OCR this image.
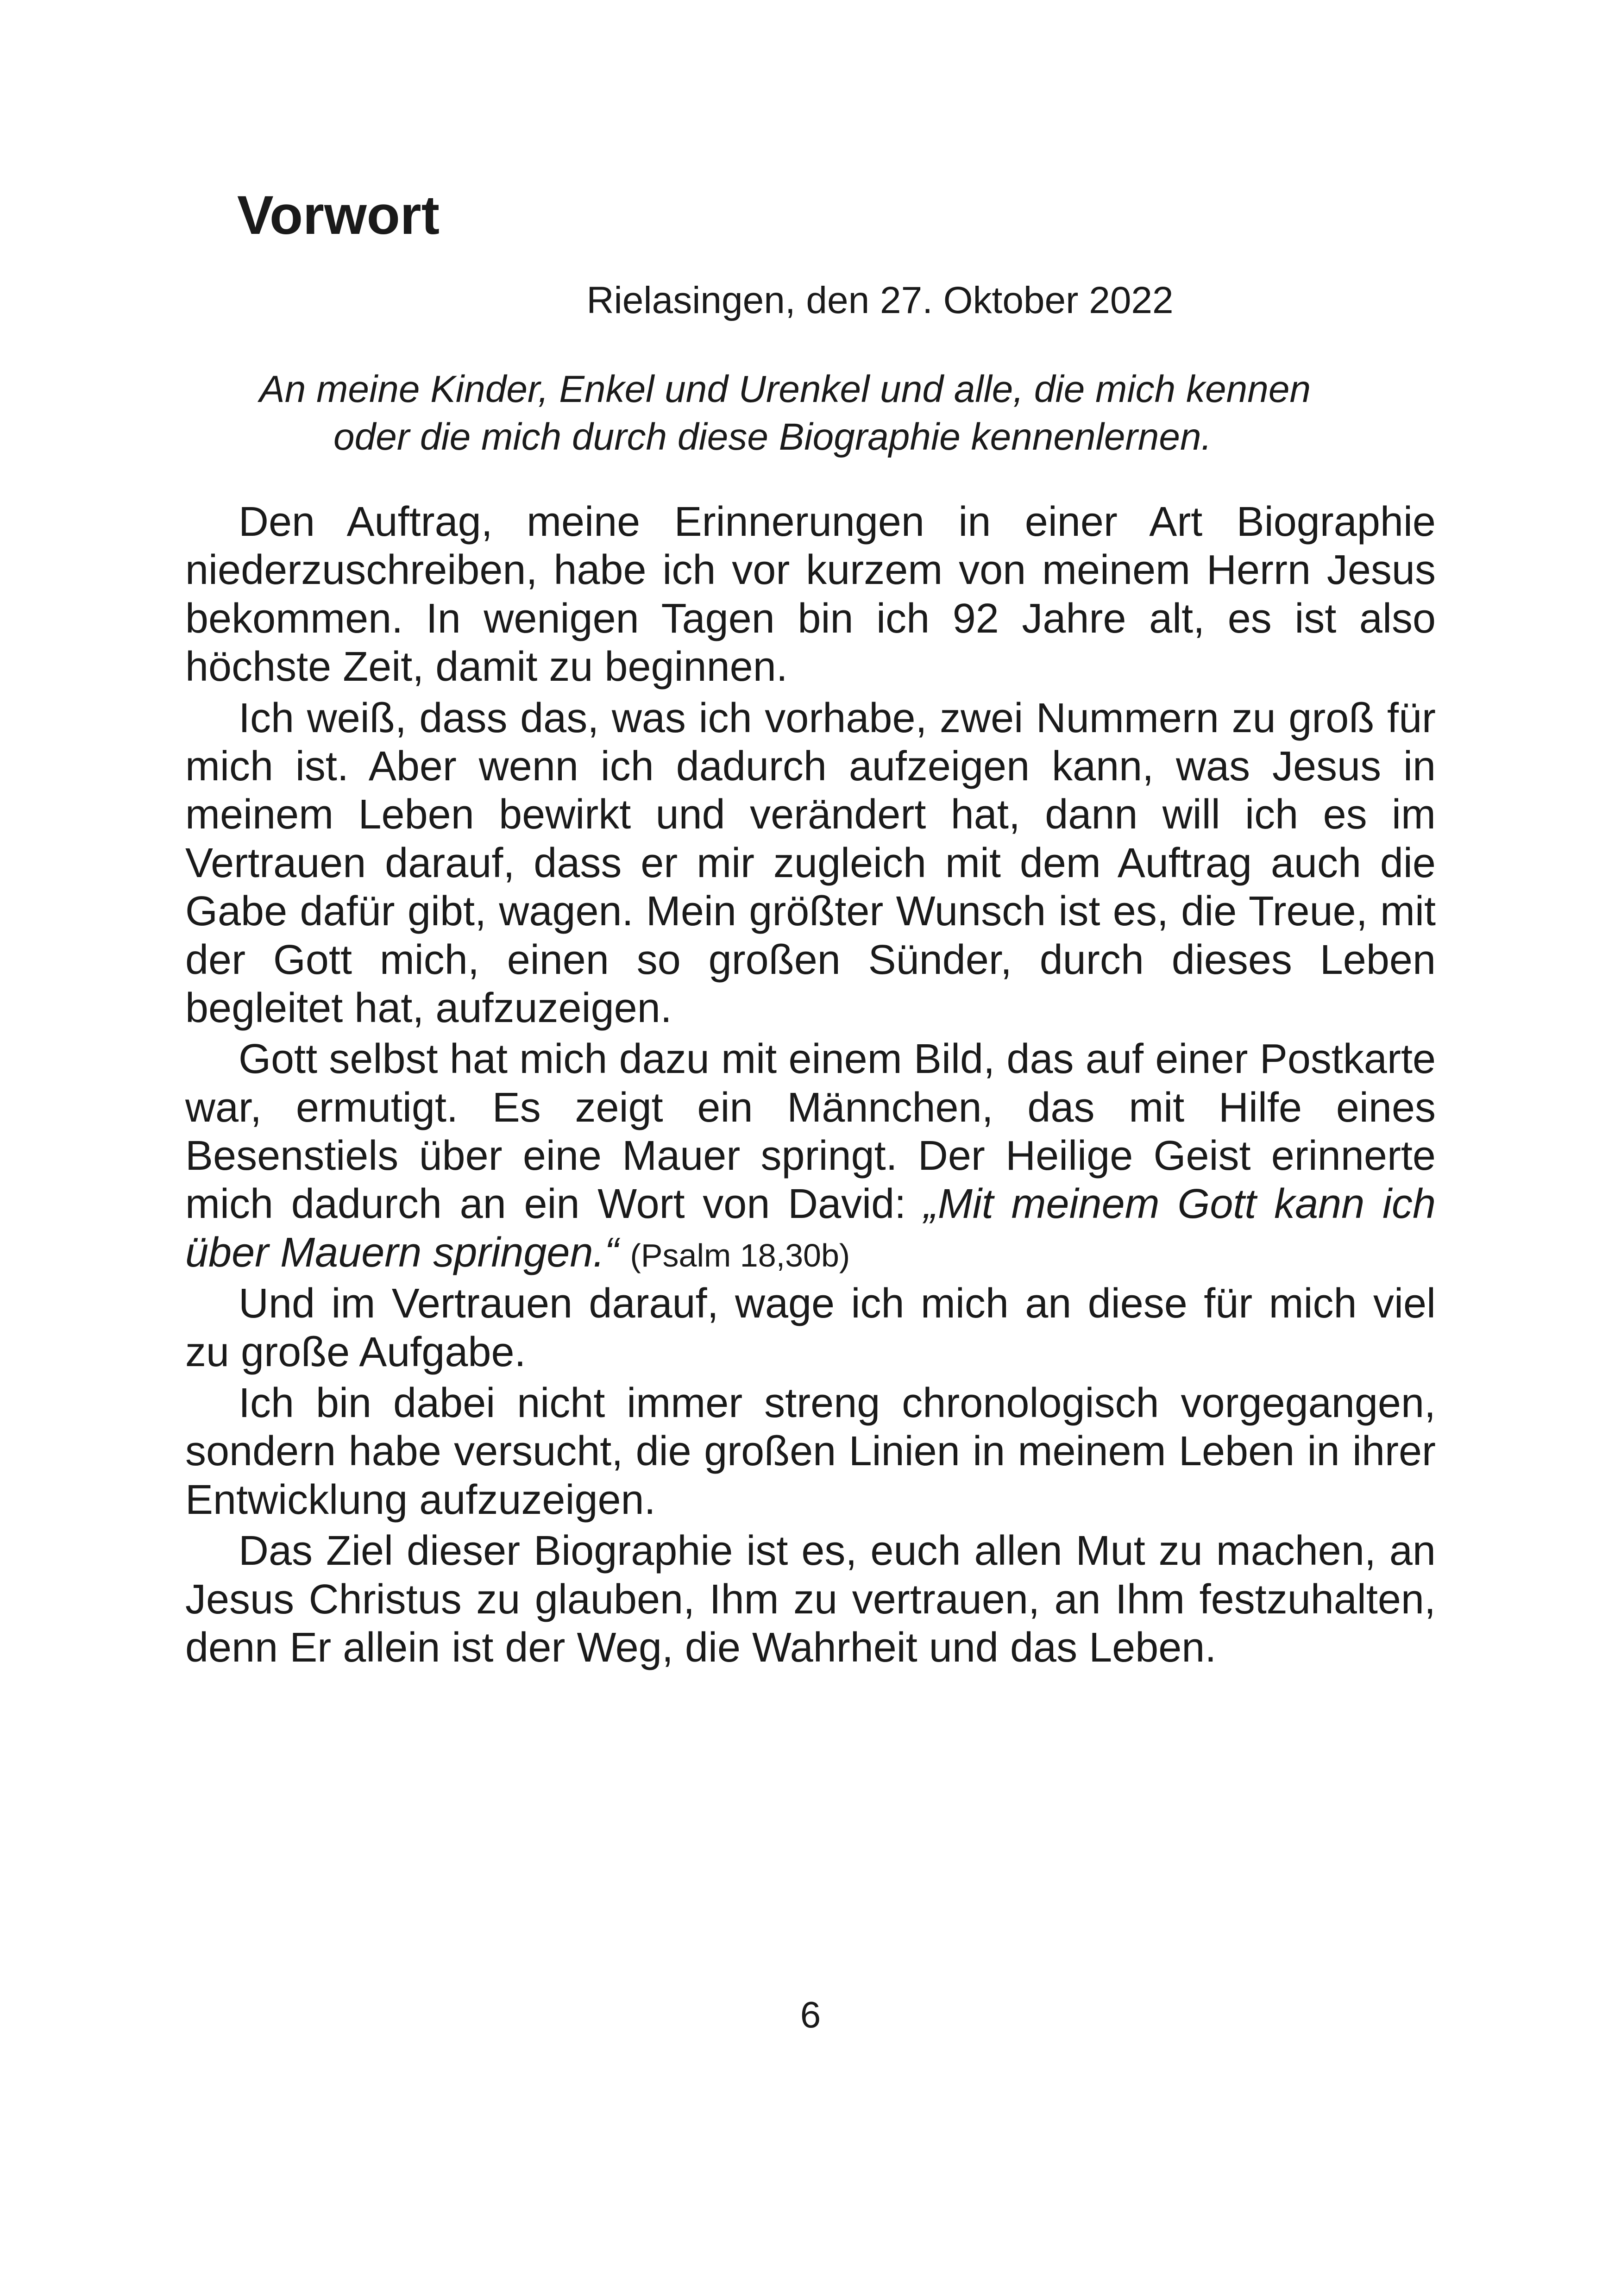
Vorwort

Rielasingen, den 27. Oktober 2022

An meine Kinder, Enkel und Urenkel und alle, die mich kennen
oder die mich durch diese Biographie kennenlernen.

Den Auftrag, meine Erinnerungen in einer Art Biographie niederzuschreiben, habe ich vor kurzem von meinem Herrn Jesus bekommen. In wenigen Tagen bin ich 92 Jahre alt, es ist also höchste Zeit, damit zu beginnen.

Ich weiß, dass das, was ich vorhabe, zwei Nummern zu groß für mich ist. Aber wenn ich dadurch aufzeigen kann, was Jesus in meinem Leben bewirkt und verändert hat, dann will ich es im Vertrauen darauf, dass er mir zugleich mit dem Auftrag auch die Gabe dafür gibt, wagen. Mein größter Wunsch ist es, die Treue, mit der Gott mich, einen so großen Sünder, durch dieses Leben begleitet hat, aufzuzeigen.

Gott selbst hat mich dazu mit einem Bild, das auf einer Postkarte war, ermutigt. Es zeigt ein Männchen, das mit Hilfe eines Besenstiels über eine Mauer springt. Der Heilige Geist erinnerte mich dadurch an ein Wort von David: „Mit meinem Gott kann ich über Mauern springen.“ (Psalm 18,30b)

Und im Vertrauen darauf, wage ich mich an diese für mich viel zu große Aufgabe.

Ich bin dabei nicht immer streng chronologisch vorgegangen, sondern habe versucht, die großen Linien in meinem Leben in ihrer Entwicklung aufzuzeigen.

Das Ziel dieser Biographie ist es, euch allen Mut zu machen, an Jesus Christus zu glauben, Ihm zu vertrauen, an Ihm festzuhalten, denn Er allein ist der Weg, die Wahrheit und das Leben.

6
